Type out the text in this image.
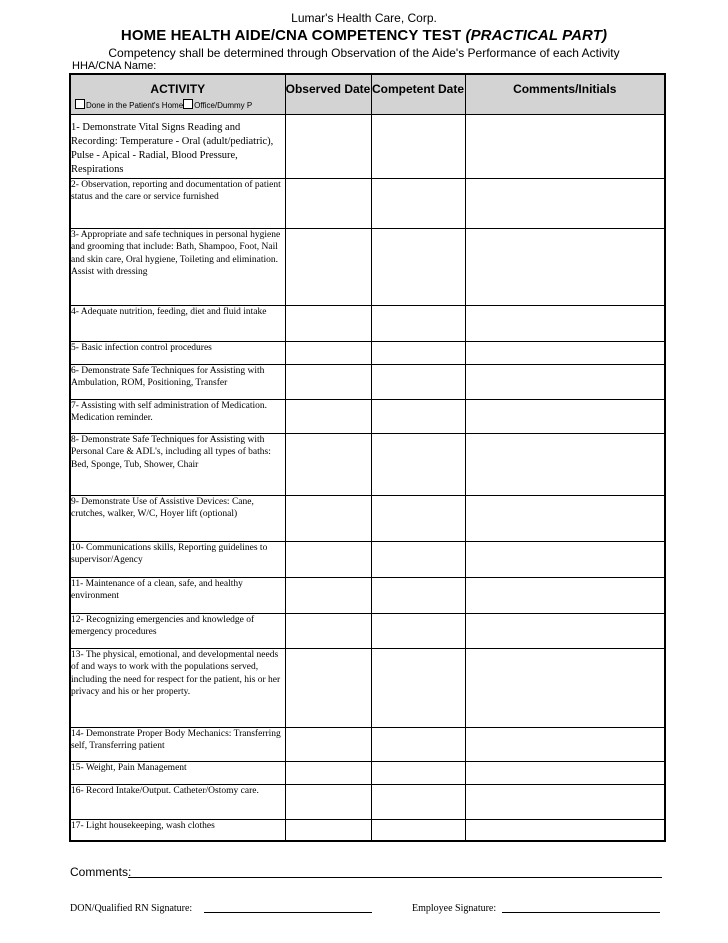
Lumar's Health Care, Corp.
HOME HEALTH AIDE/CNA COMPETENCY TEST (PRACTICAL PART)
Competency shall be determined through Observation of the Aide's Performance of each Activity
HHA/CNA Name:
ACTIVITY
Done in the Patient's Home Office/Dummy P	Observed Date	Competent Date	Comments/Initials
1- Demonstrate Vital Signs Reading and Recording: Temperature - Oral (adult/pediatric), Pulse - Apical - Radial, Blood Pressure, Respirations			
2- Observation, reporting and documentation of patient status and the care or service furnished			
3- Appropriate and safe techniques in personal hygiene and grooming that include: Bath, Shampoo, Foot, Nail and skin care, Oral hygiene, Toileting and elimination. Assist with dressing			
4- Adequate nutrition, feeding, diet and fluid intake			
5- Basic infection control procedures			
6- Demonstrate Safe Techniques for Assisting with Ambulation, ROM, Positioning, Transfer			
7- Assisting with self administration of Medication. Medication reminder.			
8- Demonstrate Safe Techniques for Assisting with Personal Care & ADL's, including all types of baths: Bed, Sponge, Tub, Shower, Chair			
9- Demonstrate Use of Assistive Devices: Cane, crutches, walker, W/C, Hoyer lift (optional)			
10- Communications skills, Reporting guidelines to supervisor/Agency			
11- Maintenance of a clean, safe, and healthy environment			
12- Recognizing emergencies and knowledge of emergency procedures			
13- The physical, emotional, and developmental needs of and ways to work with the populations served, including the need for respect for the patient, his or her privacy and his or her property.			
14- Demonstrate Proper Body Mechanics: Transferring self, Transferring patient			
15- Weight, Pain Management			
16- Record Intake/Output. Catheter/Ostomy care.			
17- Light housekeeping, wash clothes			
Comments:
DON/Qualified RN Signature:	Employee Signature:
